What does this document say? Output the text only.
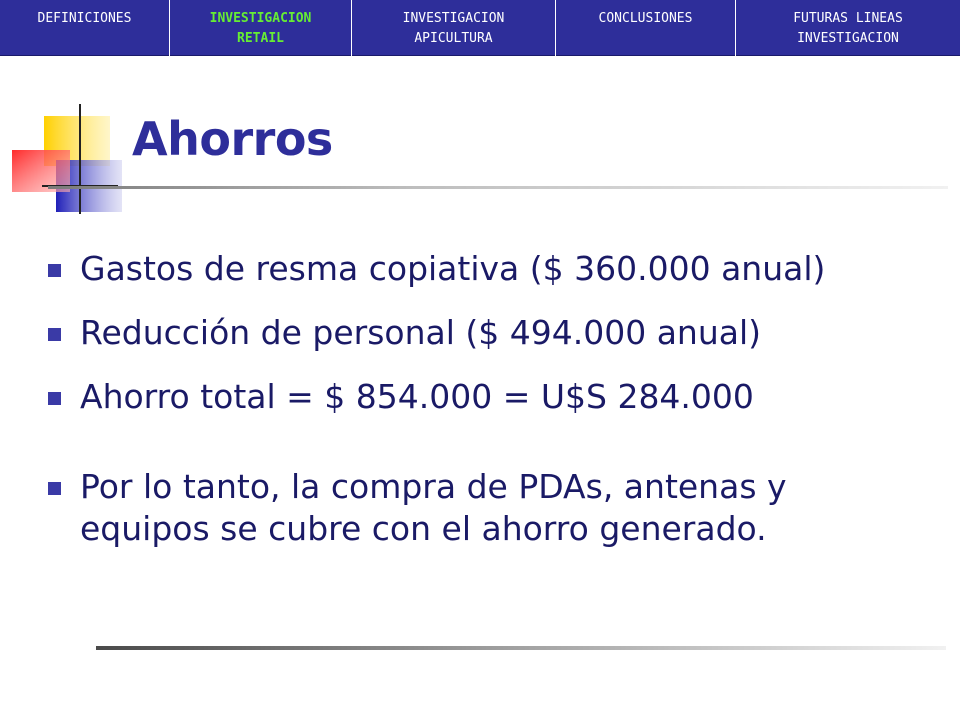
DEFINICIONES	INVESTIGACION
RETAIL
INVESTIGACION
APICULTURA
CONCLUSIONES	FUTURAS LINEAS
INVESTIGACION
Ahorros
Gastos de resma copiativa ($ 360.000 anual)
Reducción de personal ($ 494.000 anual)
Ahorro total = $ 854.000 = U$S 284.000
Por lo tanto, la compra de PDAs, antenas y equipos se cubre con el ahorro generado.
